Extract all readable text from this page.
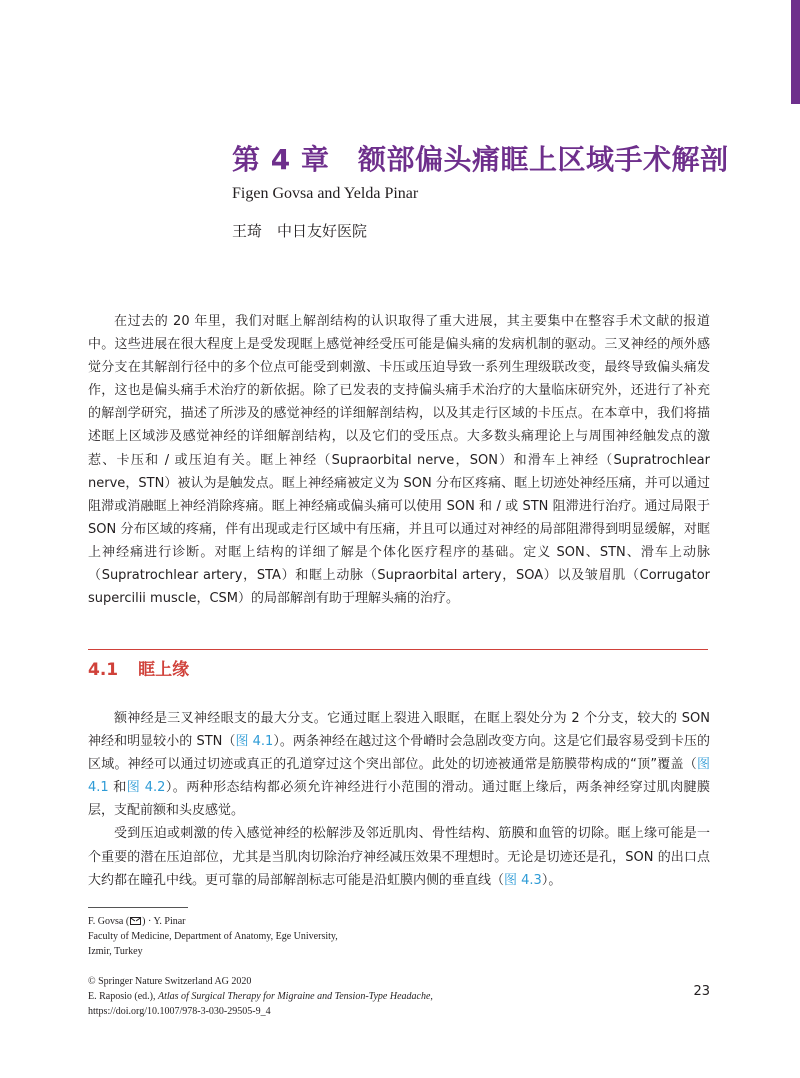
第 4 章　额部偏头痛眶上区域手术解剖
Figen Govsa and Yelda Pinar
王琦　中日友好医院

在过去的 20 年里，我们对眶上解剖结构的认识取得了重大进展，其主要集中在整容手术文献的报道中。这些进展在很大程度上是受发现眶上感觉神经受压可能是偏头痛的发病机制的驱动。三叉神经的颅外感觉分支在其解剖行径中的多个位点可能受到刺激、卡压或压迫导致一系列生理级联改变，最终导致偏头痛发作，这也是偏头痛手术治疗的新依据。除了已发表的支持偏头痛手术治疗的大量临床研究外，还进行了补充的解剖学研究，描述了所涉及的感觉神经的详细解剖结构，以及其走行区域的卡压点。在本章中，我们将描述眶上区域涉及感觉神经的详细解剖结构，以及它们的受压点。大多数头痛理论上与周围神经触发点的激惹、卡压和 / 或压迫有关。眶上神经（Supraorbital nerve，SON）和滑车上神经（Supratrochlear nerve，STN）被认为是触发点。眶上神经痛被定义为 SON 分布区疼痛、眶上切迹处神经压痛，并可以通过阻滞或消融眶上神经消除疼痛。眶上神经痛或偏头痛可以使用 SON 和 / 或 STN 阻滞进行治疗。通过局限于 SON 分布区域的疼痛，伴有出现或走行区域中有压痛，并且可以通过对神经的局部阻滞得到明显缓解，对眶上神经痛进行诊断。对眶上结构的详细了解是个体化医疗程序的基础。定义 SON、STN、滑车上动脉（Supratrochlear artery，STA）和眶上动脉（Supraorbital artery，SOA）以及皱眉肌（Corrugator supercilii muscle，CSM）的局部解剖有助于理解头痛的治疗。

4.1 眶上缘

额神经是三叉神经眼支的最大分支。它通过眶上裂进入眼眶，在眶上裂处分为 2 个分支，较大的 SON 神经和明显较小的 STN（图 4.1）。两条神经在越过这个骨嵴时会急剧改变方向。这是它们最容易受到卡压的区域。神经可以通过切迹或真正的孔道穿过这个突出部位。此处的切迹被通常是筋膜带构成的“顶”覆盖（图 4.1 和图 4.2）。两种形态结构都必须允许神经进行小范围的滑动。通过眶上缘后，两条神经穿过肌肉腱膜层，支配前额和头皮感觉。

受到压迫或刺激的传入感觉神经的松解涉及邻近肌肉、骨性结构、筋膜和血管的切除。眶上缘可能是一个重要的潜在压迫部位，尤其是当肌肉切除治疗神经减压效果不理想时。无论是切迹还是孔，SON 的出口点大约都在瞳孔中线。更可靠的局部解剖标志可能是沿虹膜内侧的垂直线（图 4.3）。

F. Govsa ( ) · Y. Pinar
Faculty of Medicine, Department of Anatomy, Ege University,
Izmir, Turkey
© Springer Nature Switzerland AG 2020
E. Raposio (ed.), Atlas of Surgical Therapy for Migraine and Tension-Type Headache,
https://doi.org/10.1007/978-3-030-29505-9_4
23
